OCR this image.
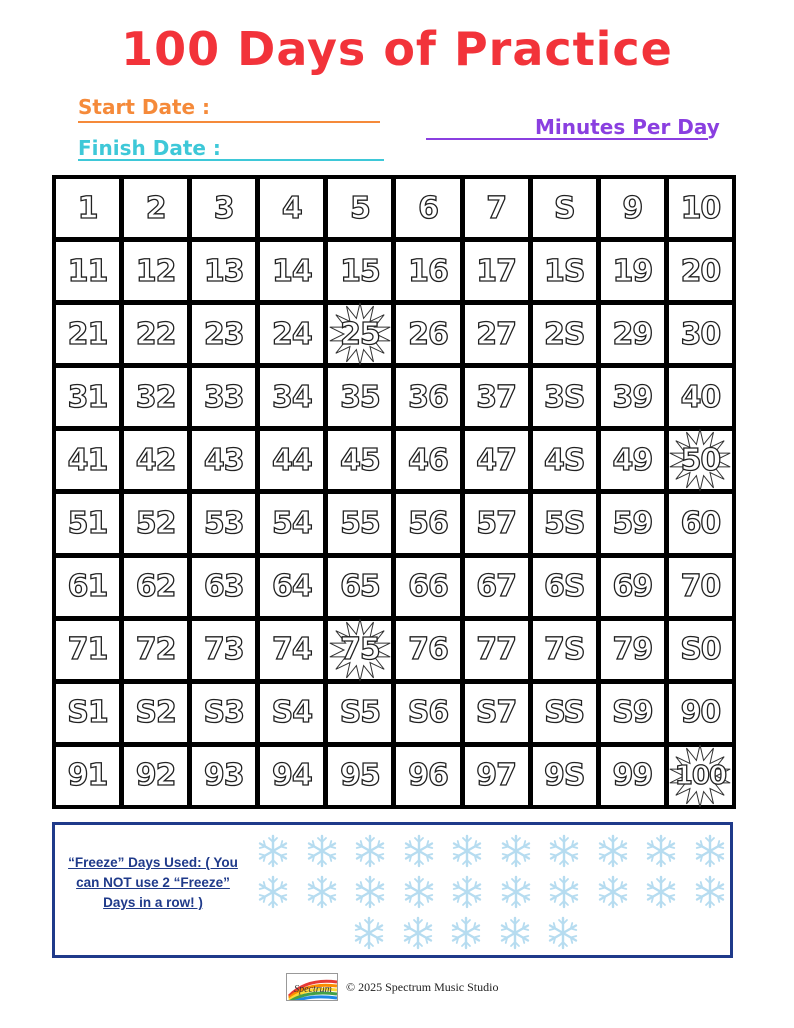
100 Days of Practice
Start Date :
Finish Date :
Minutes Per Day
1 2 3 4 5 6 7 S 9 10
11 12 13 14 15 16 17 1S 19 20
21 22 23 24 25 26 27 2S 29 30
31 32 33 34 35 36 37 3S 39 40
41 42 43 44 45 46 47 4S 49 50
51 52 53 54 55 56 57 5S 59 60
61 62 63 64 65 66 67 6S 69 70
71 72 73 74 75 76 77 7S 79 S0
S1 S2 S3 S4 S5 S6 S7 SS S9 90
91 92 93 94 95 96 97 9S 99 100
“Freeze” Days Used: ( You can NOT use 2 “Freeze” Days in a row! )
Spectrum © 2025 Spectrum Music Studio
